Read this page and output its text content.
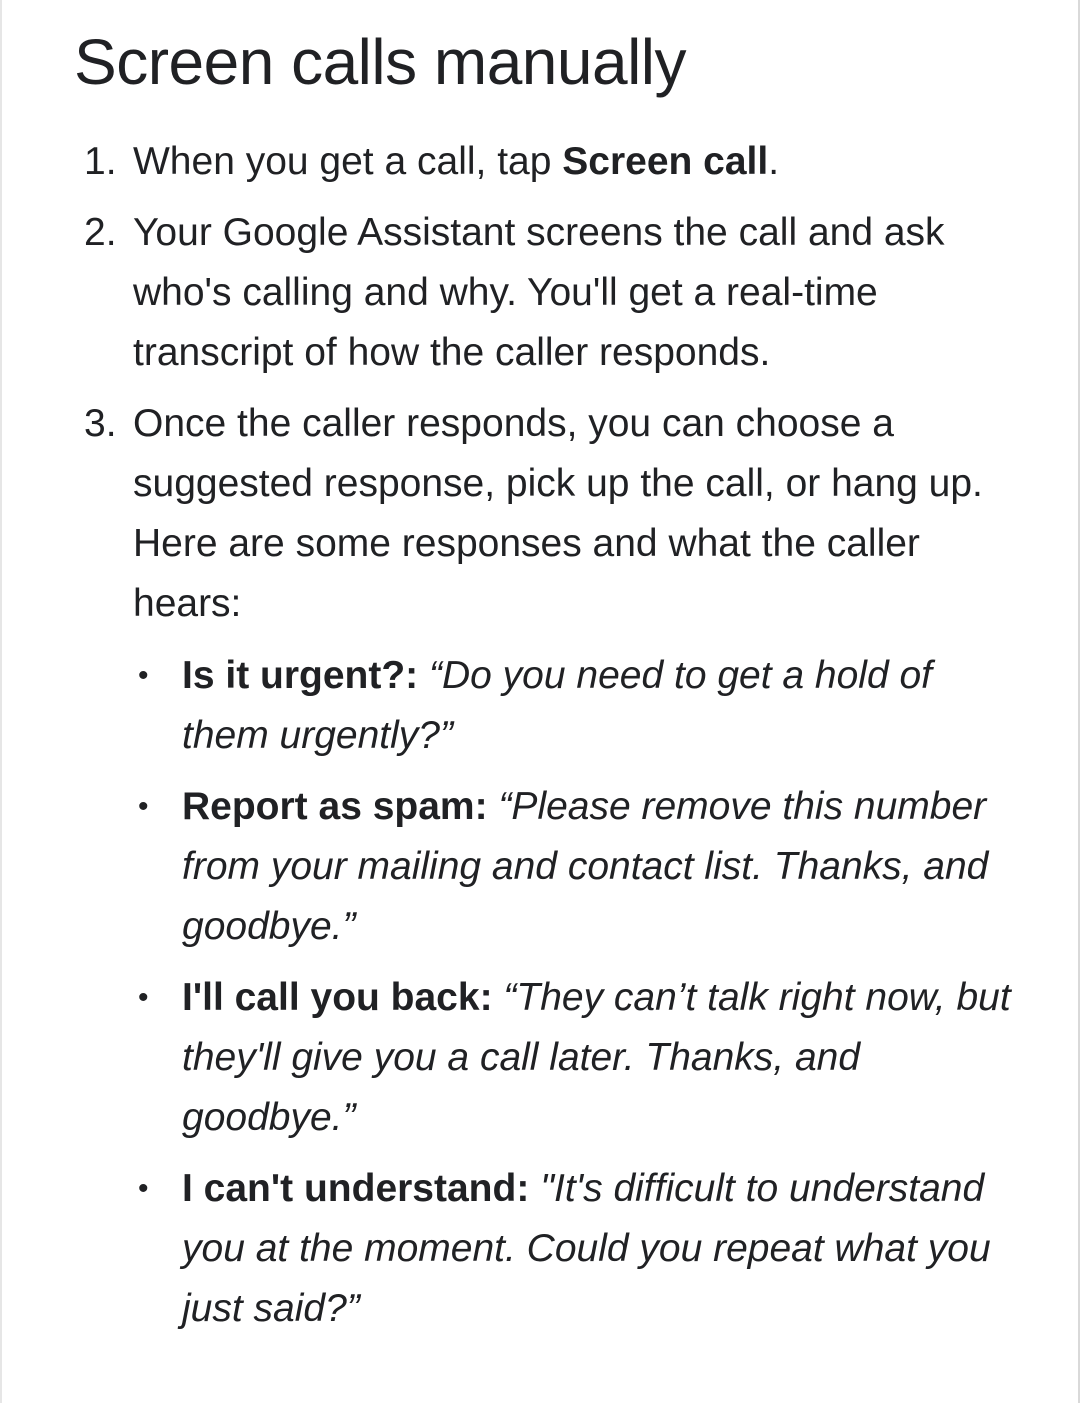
Screen calls manually
1. When you get a call, tap Screen call.
2. Your Google Assistant screens the call and ask who's calling and why. You'll get a real-time transcript of how the caller responds.
3. Once the caller responds, you can choose a suggested response, pick up the call, or hang up. Here are some responses and what the caller hears:
• Is it urgent?: “Do you need to get a hold of them urgently?”
• Report as spam: “Please remove this number from your mailing and contact list. Thanks, and goodbye.”
• I'll call you back: “They can’t talk right now, but they'll give you a call later. Thanks, and goodbye.”
• I can't understand: "It's difficult to understand you at the moment. Could you repeat what you just said?”
